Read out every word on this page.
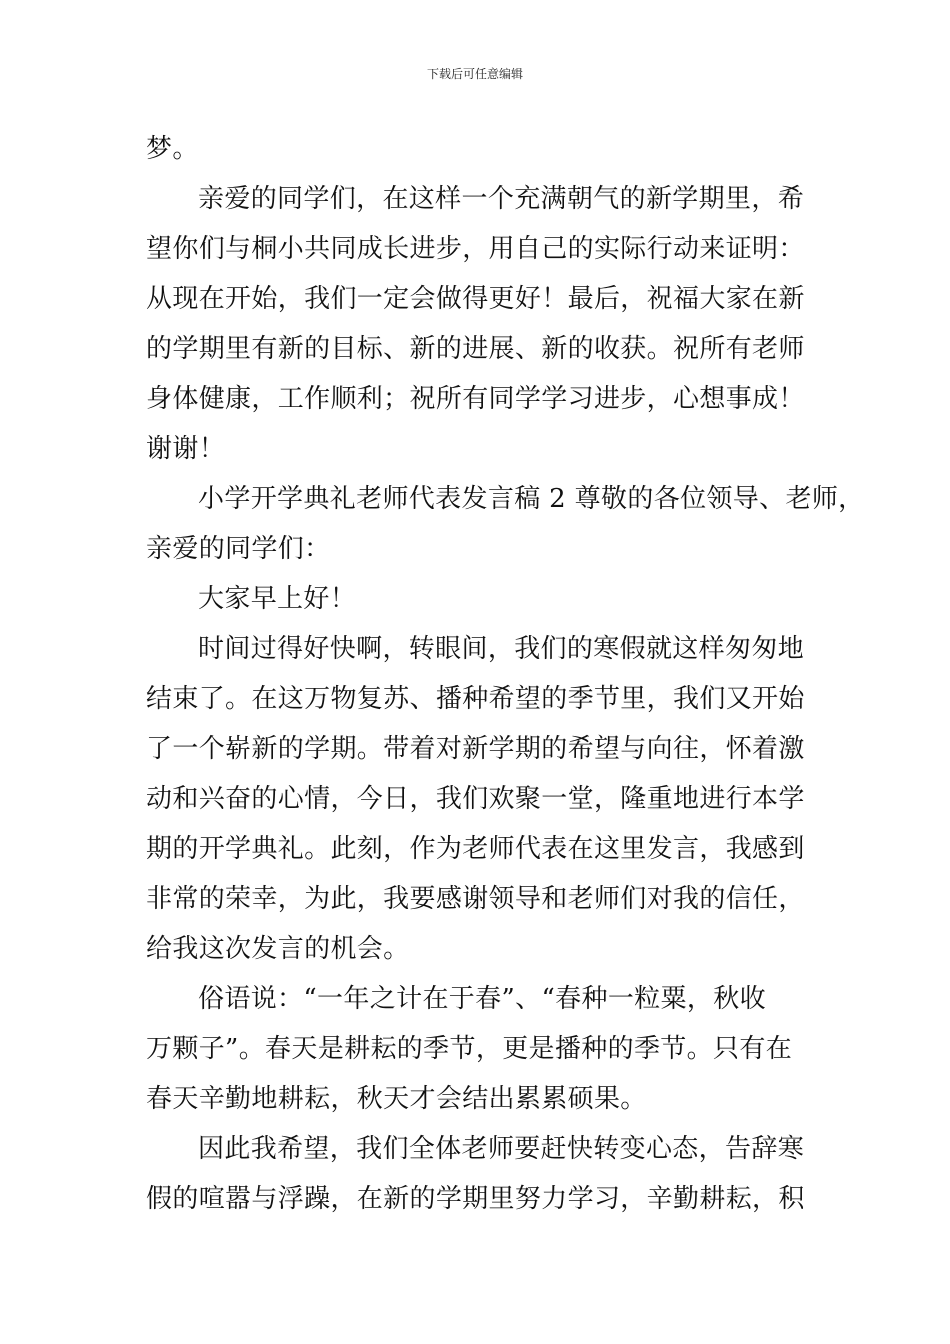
下载后可任意编辑
梦。
亲爱的同学们，在这样一个充满朝气的新学期里，希
望你们与桐小共同成长进步，用自己的实际行动来证明：
从现在开始，我们一定会做得更好！最后，祝福大家在新
的学期里有新的目标、新的进展、新的收获。祝所有老师
身体健康，工作顺利；祝所有同学学习进步，心想事成！
谢谢！
小学开学典礼老师代表发言稿 2 尊敬的各位领导、老师，
亲爱的同学们：
大家早上好！
时间过得好快啊，转眼间，我们的寒假就这样匆匆地
结束了。在这万物复苏、播种希望的季节里，我们又开始
了一个崭新的学期。带着对新学期的希望与向往，怀着激
动和兴奋的心情，今日，我们欢聚一堂，隆重地进行本学
期的开学典礼。此刻，作为老师代表在这里发言，我感到
非常的荣幸，为此，我要感谢领导和老师们对我的信任，
给我这次发言的机会。
俗语说：“一年之计在于春”、“春种一粒粟，秋收
万颗子”。春天是耕耘的季节，更是播种的季节。只有在
春天辛勤地耕耘，秋天才会结出累累硕果。
因此我希望，我们全体老师要赶快转变心态，告辞寒
假的喧嚣与浮躁，在新的学期里努力学习，辛勤耕耘，积
